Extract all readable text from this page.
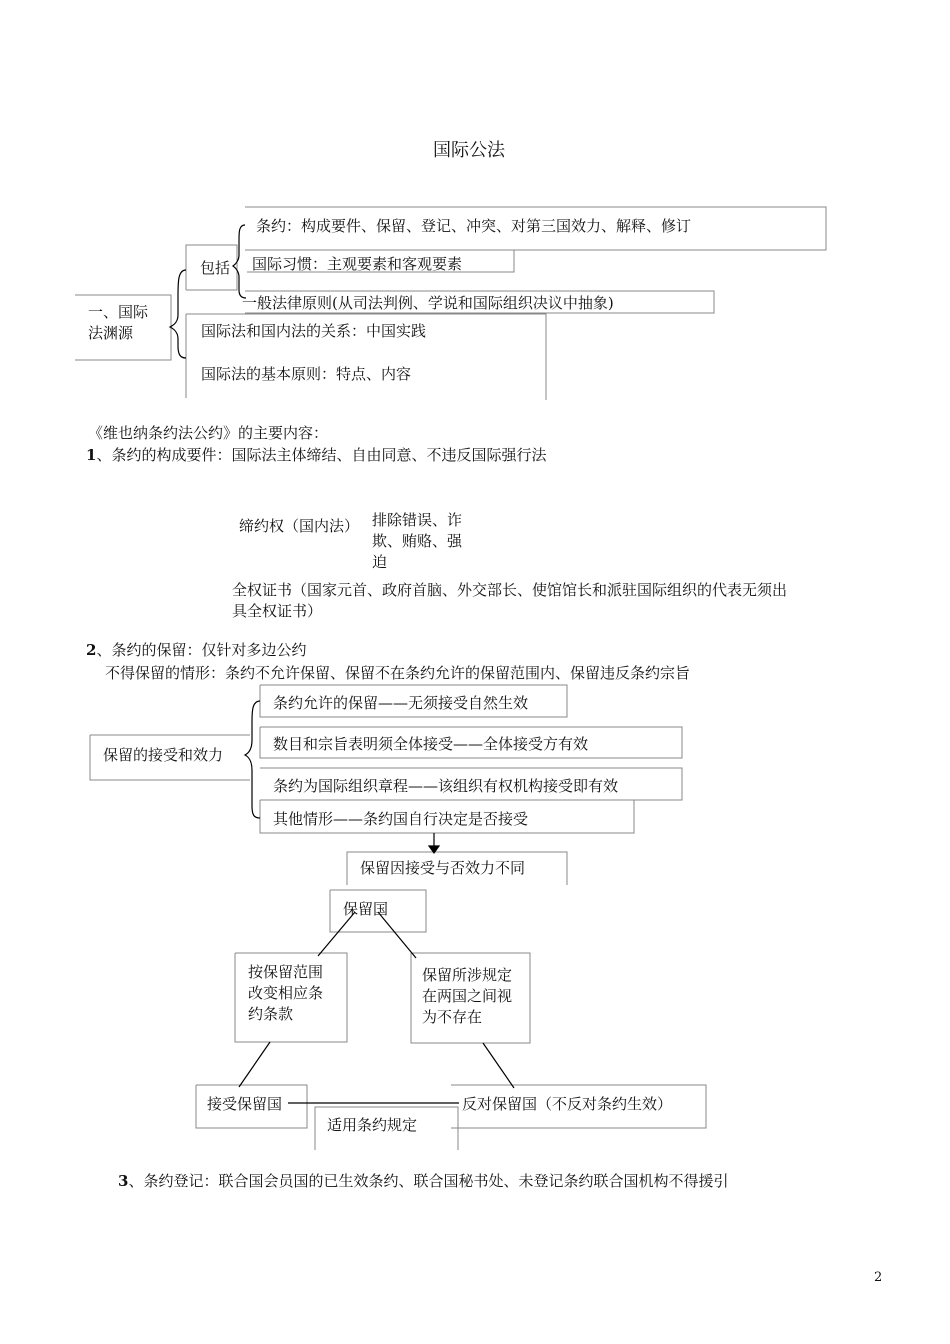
国际公法
一、国际
法渊源
包括
条约：构成要件、保留、登记、冲突、对第三国效力、解释、修订
国际习惯：主观要素和客观要素
一般法律原则(从司法判例、学说和国际组织决议中抽象)
国际法和国内法的关系：中国实践
国际法的基本原则：特点、内容
《维也纳条约法公约》的主要内容：
1、条约的构成要件：国际法主体缔结、自由同意、不违反国际强行法
缔约权（国内法） 排除错误、诈欺、贿赂、强迫
全权证书（国家元首、政府首脑、外交部长、使馆馆长和派驻国际组织的代表无须出具全权证书）
2、条约的保留：仅针对多边公约
不得保留的情形：条约不允许保留、保留不在条约允许的保留范围内、保留违反条约宗旨
保留的接受和效力
条约允许的保留——无须接受自然生效
数目和宗旨表明须全体接受——全体接受方有效
条约为国际组织章程——该组织有权机构接受即有效
其他情形——条约国自行决定是否接受
保留因接受与否效力不同
保留国
按保留范围改变相应条约条款
保留所涉规定在两国之间视为不存在
接受保留国	反对保留国（不反对条约生效）
适用条约规定
3、条约登记：联合国会员国的已生效条约、联合国秘书处、未登记条约联合国机构不得援引
2
